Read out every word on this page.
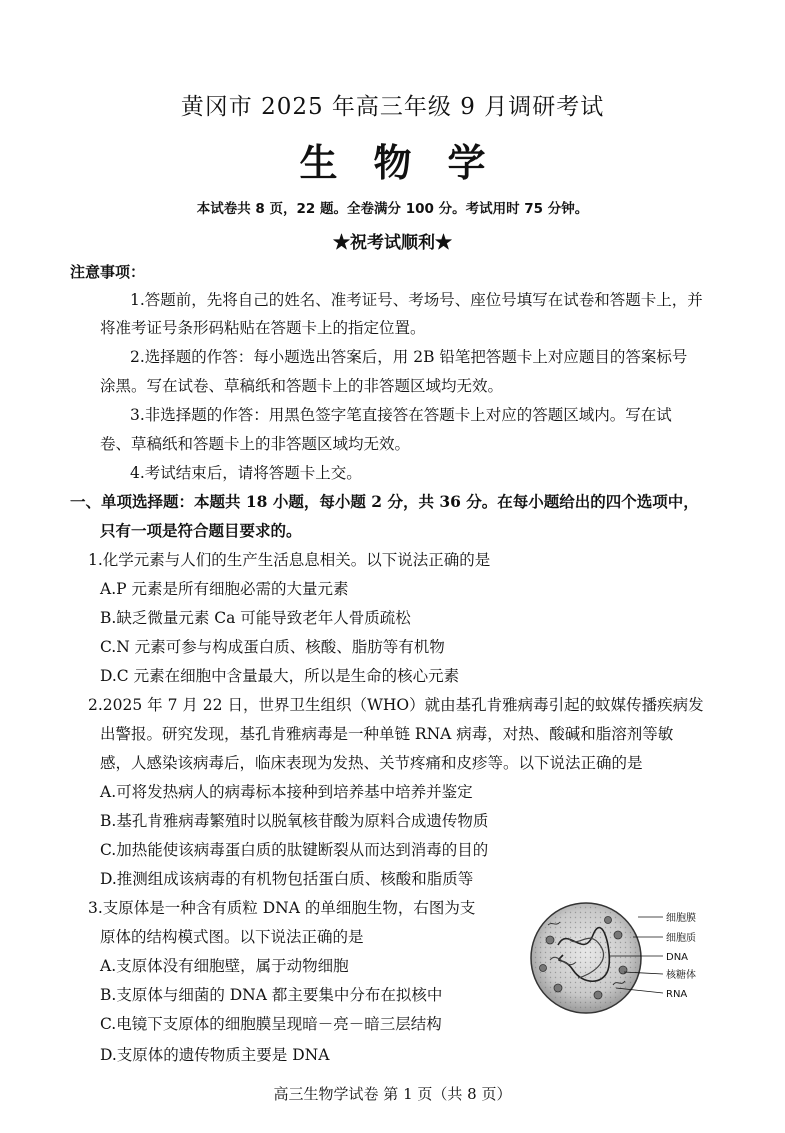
黄冈市 2025 年高三年级 9 月调研考试
生物学
本试卷共 8 页，22 题。全卷满分 100 分。考试用时 75 分钟。
★祝考试顺利★
注意事项：
1.答题前，先将自己的姓名、准考证号、考场号、座位号填写在试卷和答题卡上，并
将准考证号条形码粘贴在答题卡上的指定位置。
2.选择题的作答：每小题选出答案后，用 2B 铅笔把答题卡上对应题目的答案标号
涂黑。写在试卷、草稿纸和答题卡上的非答题区域均无效。
3.非选择题的作答：用黑色签字笔直接答在答题卡上对应的答题区域内。写在试
卷、草稿纸和答题卡上的非答题区域均无效。
4.考试结束后，请将答题卡上交。
一、单项选择题：本题共 18 小题，每小题 2 分，共 36 分。在每小题给出的四个选项中，
只有一项是符合题目要求的。
1.化学元素与人们的生产生活息息相关。以下说法正确的是
A.P 元素是所有细胞必需的大量元素
B.缺乏微量元素 Ca 可能导致老年人骨质疏松
C.N 元素可参与构成蛋白质、核酸、脂肪等有机物
D.C 元素在细胞中含量最大，所以是生命的核心元素
2.2025 年 7 月 22 日，世界卫生组织（WHO）就由基孔肯雅病毒引起的蚊媒传播疾病发
出警报。研究发现，基孔肯雅病毒是一种单链 RNA 病毒，对热、酸碱和脂溶剂等敏
感，人感染该病毒后，临床表现为发热、关节疼痛和皮疹等。以下说法正确的是
A.可将发热病人的病毒标本接种到培养基中培养并鉴定
B.基孔肯雅病毒繁殖时以脱氧核苷酸为原料合成遗传物质
C.加热能使该病毒蛋白质的肽键断裂从而达到消毒的目的
D.推测组成该病毒的有机物包括蛋白质、核酸和脂质等
3.支原体是一种含有质粒 DNA 的单细胞生物，右图为支
原体的结构模式图。以下说法正确的是
A.支原体没有细胞壁，属于动物细胞
B.支原体与细菌的 DNA 都主要集中分布在拟核中
C.电镜下支原体的细胞膜呈现暗－亮－暗三层结构
D.支原体的遗传物质主要是 DNA
细胞膜
细胞质
DNA
核糖体
RNA
高三生物学试卷 第 1 页（共 8 页）
